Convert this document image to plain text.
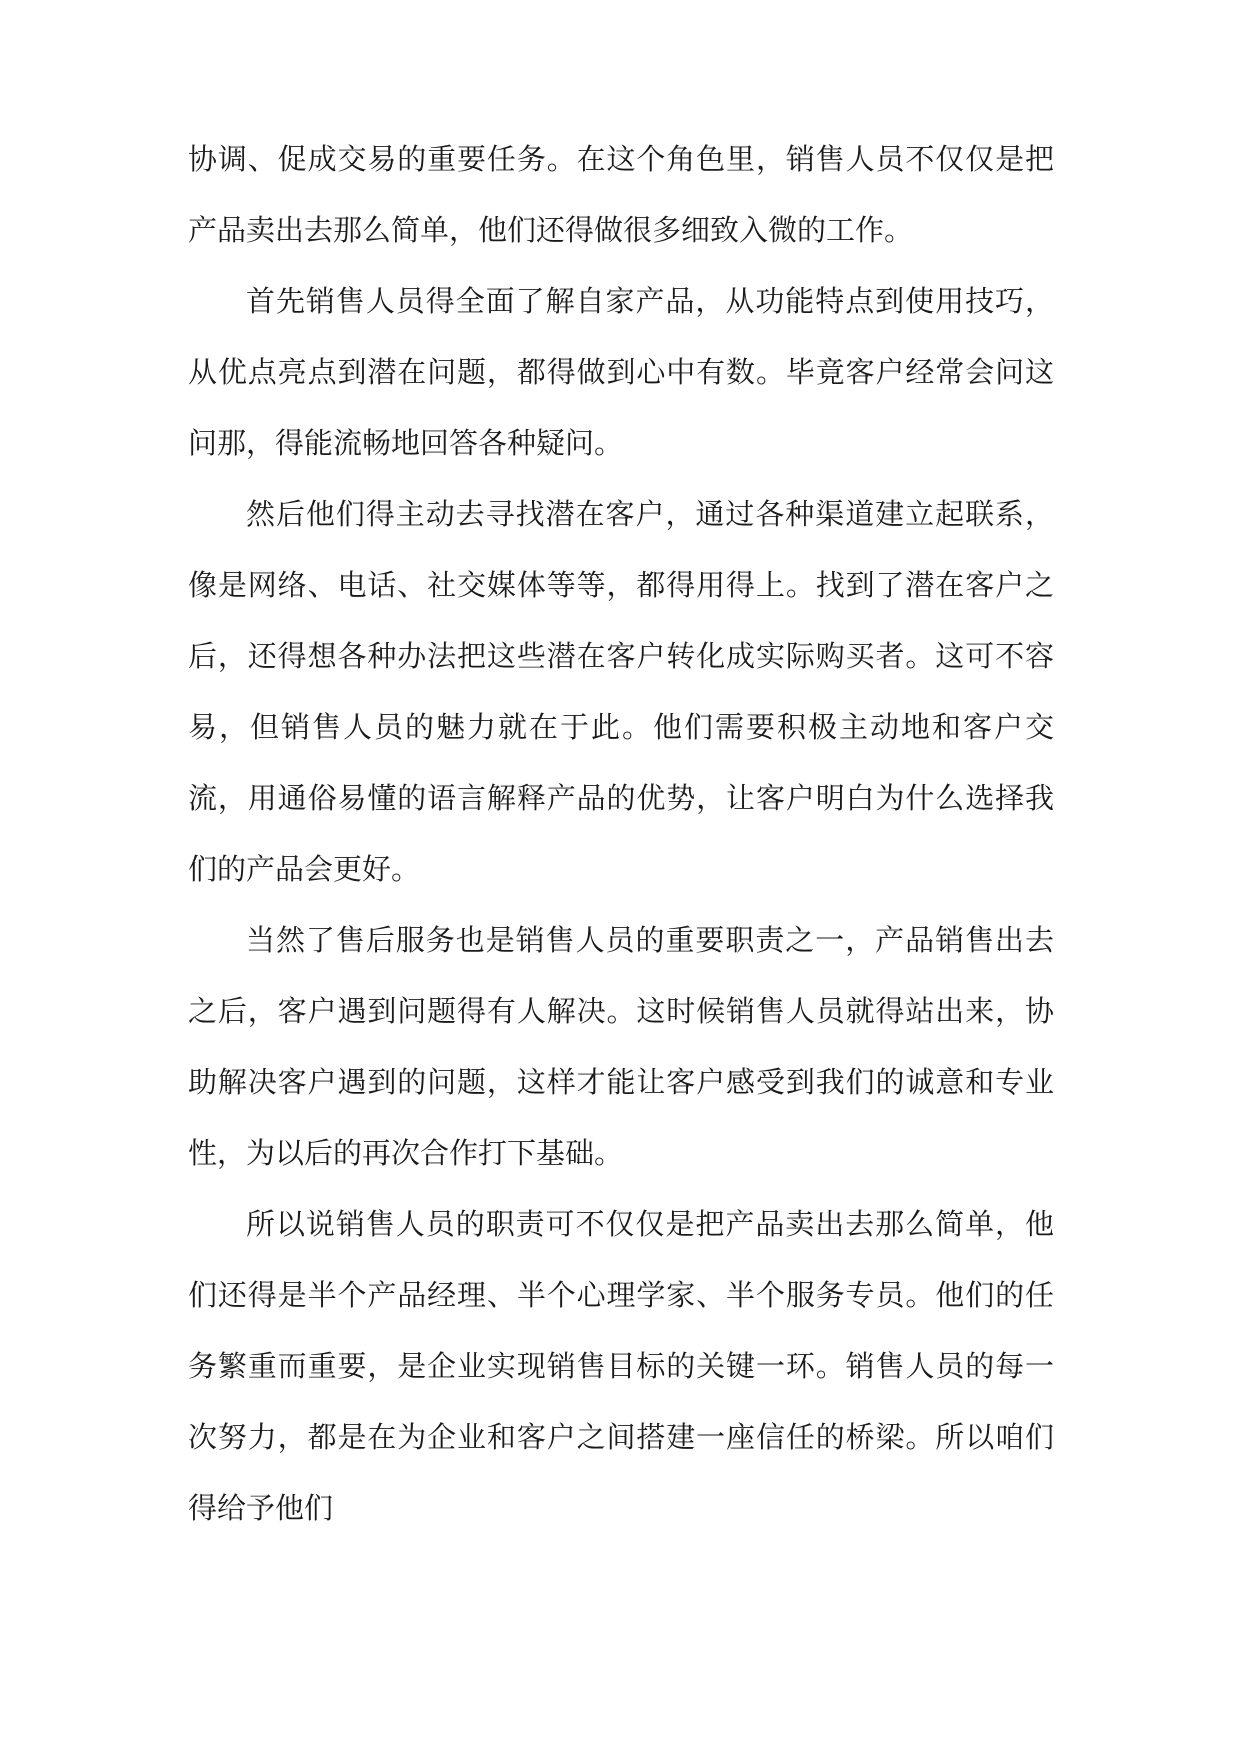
协调、促成交易的重要任务。在这个角色里，销售人员不仅仅是把产品卖出去那么简单，他们还得做很多细致入微的工作。

首先销售人员得全面了解自家产品，从功能特点到使用技巧，从优点亮点到潜在问题，都得做到心中有数。毕竟客户经常会问这问那，得能流畅地回答各种疑问。

然后他们得主动去寻找潜在客户，通过各种渠道建立起联系，像是网络、电话、社交媒体等等，都得用得上。找到了潜在客户之后，还得想各种办法把这些潜在客户转化成实际购买者。这可不容易，但销售人员的魅力就在于此。他们需要积极主动地和客户交流，用通俗易懂的语言解释产品的优势，让客户明白为什么选择我们的产品会更好。

当然了售后服务也是销售人员的重要职责之一，产品销售出去之后，客户遇到问题得有人解决。这时候销售人员就得站出来，协助解决客户遇到的问题，这样才能让客户感受到我们的诚意和专业性，为以后的再次合作打下基础。

所以说销售人员的职责可不仅仅是把产品卖出去那么简单，他们还得是半个产品经理、半个心理学家、半个服务专员。他们的任务繁重而重要，是企业实现销售目标的关键一环。销售人员的每一次努力，都是在为企业和客户之间搭建一座信任的桥梁。所以咱们得给予他们
